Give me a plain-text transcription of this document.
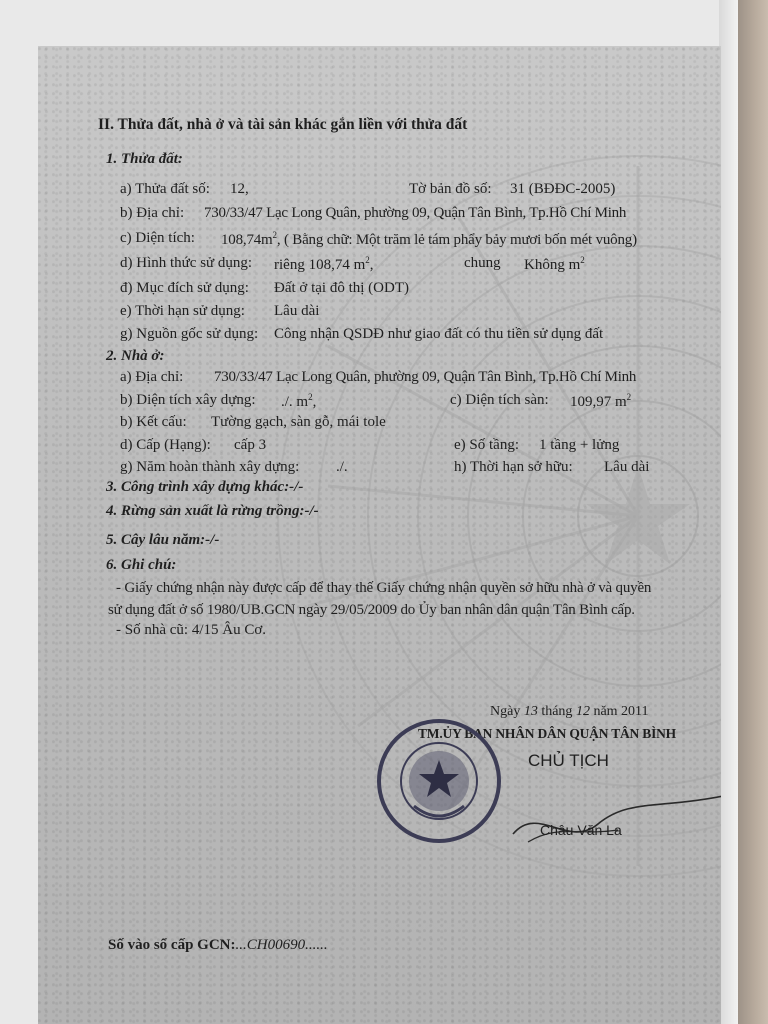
II. Thửa đất, nhà ở và tài sản khác gắn liền với thửa đất
1. Thửa đất:
a) Thửa đất số: 12,	Tờ bản đồ số: 31 (BĐĐC-2005)
b) Địa chỉ: 730/33/47 Lạc Long Quân, phường 09, Quận Tân Bình, Tp.Hồ Chí Minh
c) Diện tích: $108,74m^2$, ( Bằng chữ: Một trăm lẻ tám phẩy bảy mươi bốn mét vuông)
d) Hình thức sử dụng: riêng 108,74 $m^2$,	chung Không $m^2$
đ) Mục đích sử dụng: Đất ở tại đô thị (ODT)
e) Thời hạn sử dụng: Lâu dài
g) Nguồn gốc sử dụng: Công nhận QSDĐ như giao đất có thu tiền sử dụng đất
2. Nhà ở:
a) Địa chỉ: 730/33/47 Lạc Long Quân, phường 09, Quận Tân Bình, Tp.Hồ Chí Minh
b) Diện tích xây dựng: ./. $m^2$,	c) Diện tích sàn: 109,97 $m^2$
b) Kết cấu: Tường gạch, sàn gỗ, mái tole
d) Cấp (Hạng): cấp 3	e) Số tầng: 1 tầng + lửng
g) Năm hoàn thành xây dựng: ./.	h) Thời hạn sở hữu: Lâu dài
3. Công trình xây dựng khác:-/-
4. Rừng sản xuất là rừng trồng:-/-
5. Cây lâu năm:-/-
6. Ghi chú:
- Giấy chứng nhận này được cấp để thay thế Giấy chứng nhận quyền sở hữu nhà ở và quyền
sử dụng đất ở số 1980/UB.GCN ngày 29/05/2009 do Ủy ban nhân dân quận Tân Bình cấp.
- Số nhà cũ: 4/15 Âu Cơ.
Ngày 13 tháng 12 năm 2011
TM.ỦY BAN NHÂN DÂN QUẬN TÂN BÌNH
CHỦ TỊCH
Châu Văn La
Số vào sổ cấp GCN:...CH00690......
